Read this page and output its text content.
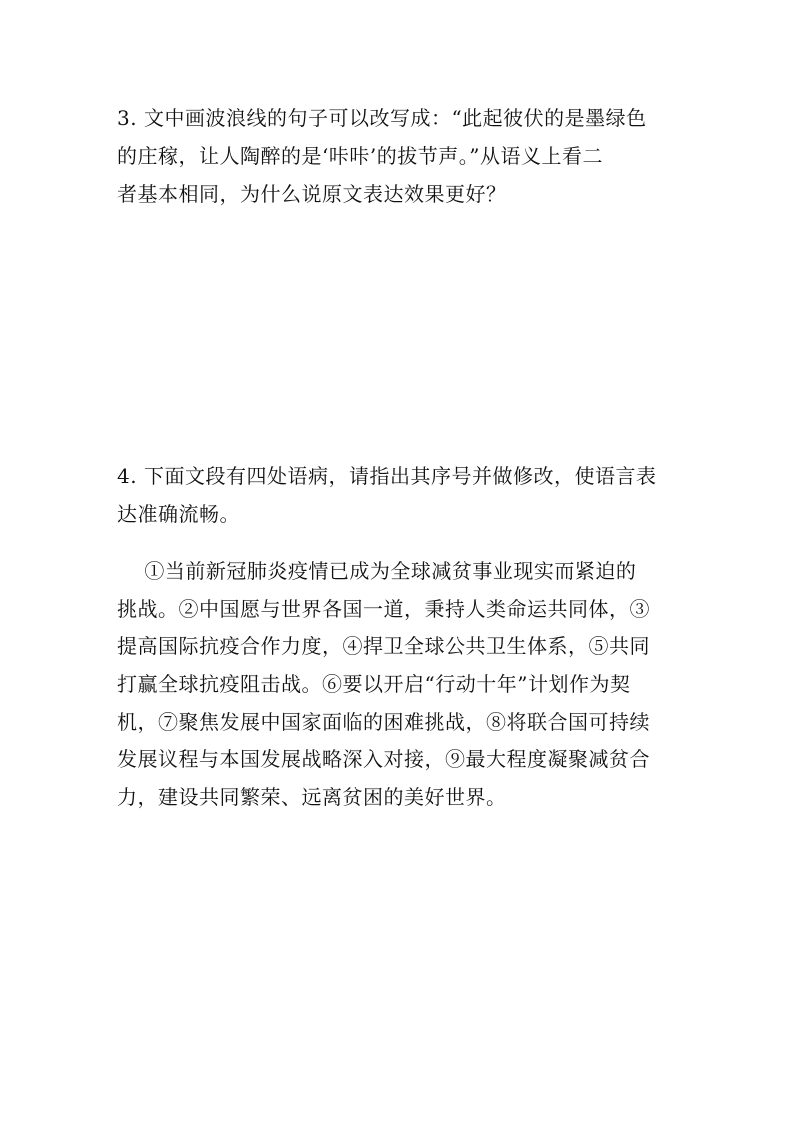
3. 文中画波浪线的句子可以改写成：“此起彼伏的是墨绿色
的庄稼，让人陶醉的是‘咔咔’的拔节声。”从语义上看二
者基本相同，为什么说原文表达效果更好？
4. 下面文段有四处语病，请指出其序号并做修改，使语言表
达准确流畅。
①当前新冠肺炎疫情已成为全球减贫事业现实而紧迫的
挑战。②中国愿与世界各国一道，秉持人类命运共同体，③
提高国际抗疫合作力度，④捍卫全球公共卫生体系，⑤共同
打赢全球抗疫阻击战。⑥要以开启“行动十年”计划作为契
机，⑦聚焦发展中国家面临的困难挑战，⑧将联合国可持续
发展议程与本国发展战略深入对接，⑨最大程度凝聚减贫合
力，建设共同繁荣、远离贫困的美好世界。
